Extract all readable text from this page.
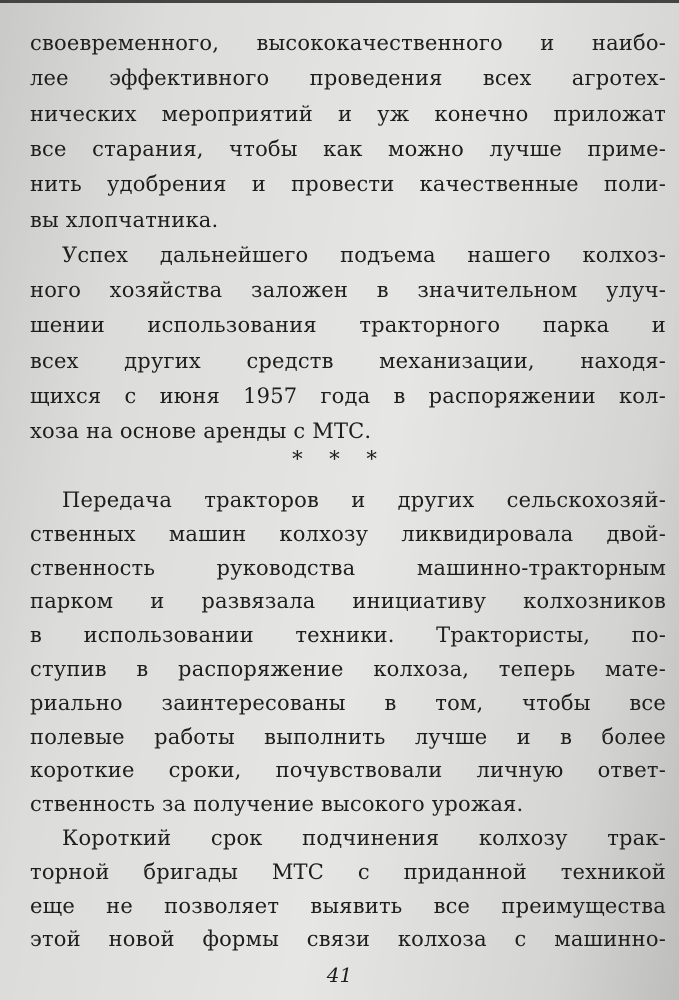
своевременного, высококачественного и наибо-
лее эффективного проведения всех агротех-
нических мероприятий и уж конечно приложат
все старания, чтобы как можно лучше приме-
нить удобрения и провести качественные поли-
вы хлопчатника.
Успех дальнейшего подъема нашего колхоз-
ного хозяйства заложен в значительном улуч-
шении использования тракторного парка и
всех других средств механизации, находя-
щихся с июня 1957 года в распоряжении кол-
хоза на основе аренды с МТС.
Передача тракторов и других сельскохозяй-
ственных машин колхозу ликвидировала двой-
ственность руководства машинно-тракторным
парком и развязала инициативу колхозников
в использовании техники. Трактористы, по-
ступив в распоряжение колхоза, теперь мате-
риально заинтересованы в том, чтобы все
полевые работы выполнить лучше и в более
короткие сроки, почувствовали личную ответ-
ственность за получение высокого урожая.
Короткий срок подчинения колхозу трак-
торной бригады МТС с приданной техникой
еще не позволяет выявить все преимущества
этой новой формы связи колхоза с машинно-
* * *
41
